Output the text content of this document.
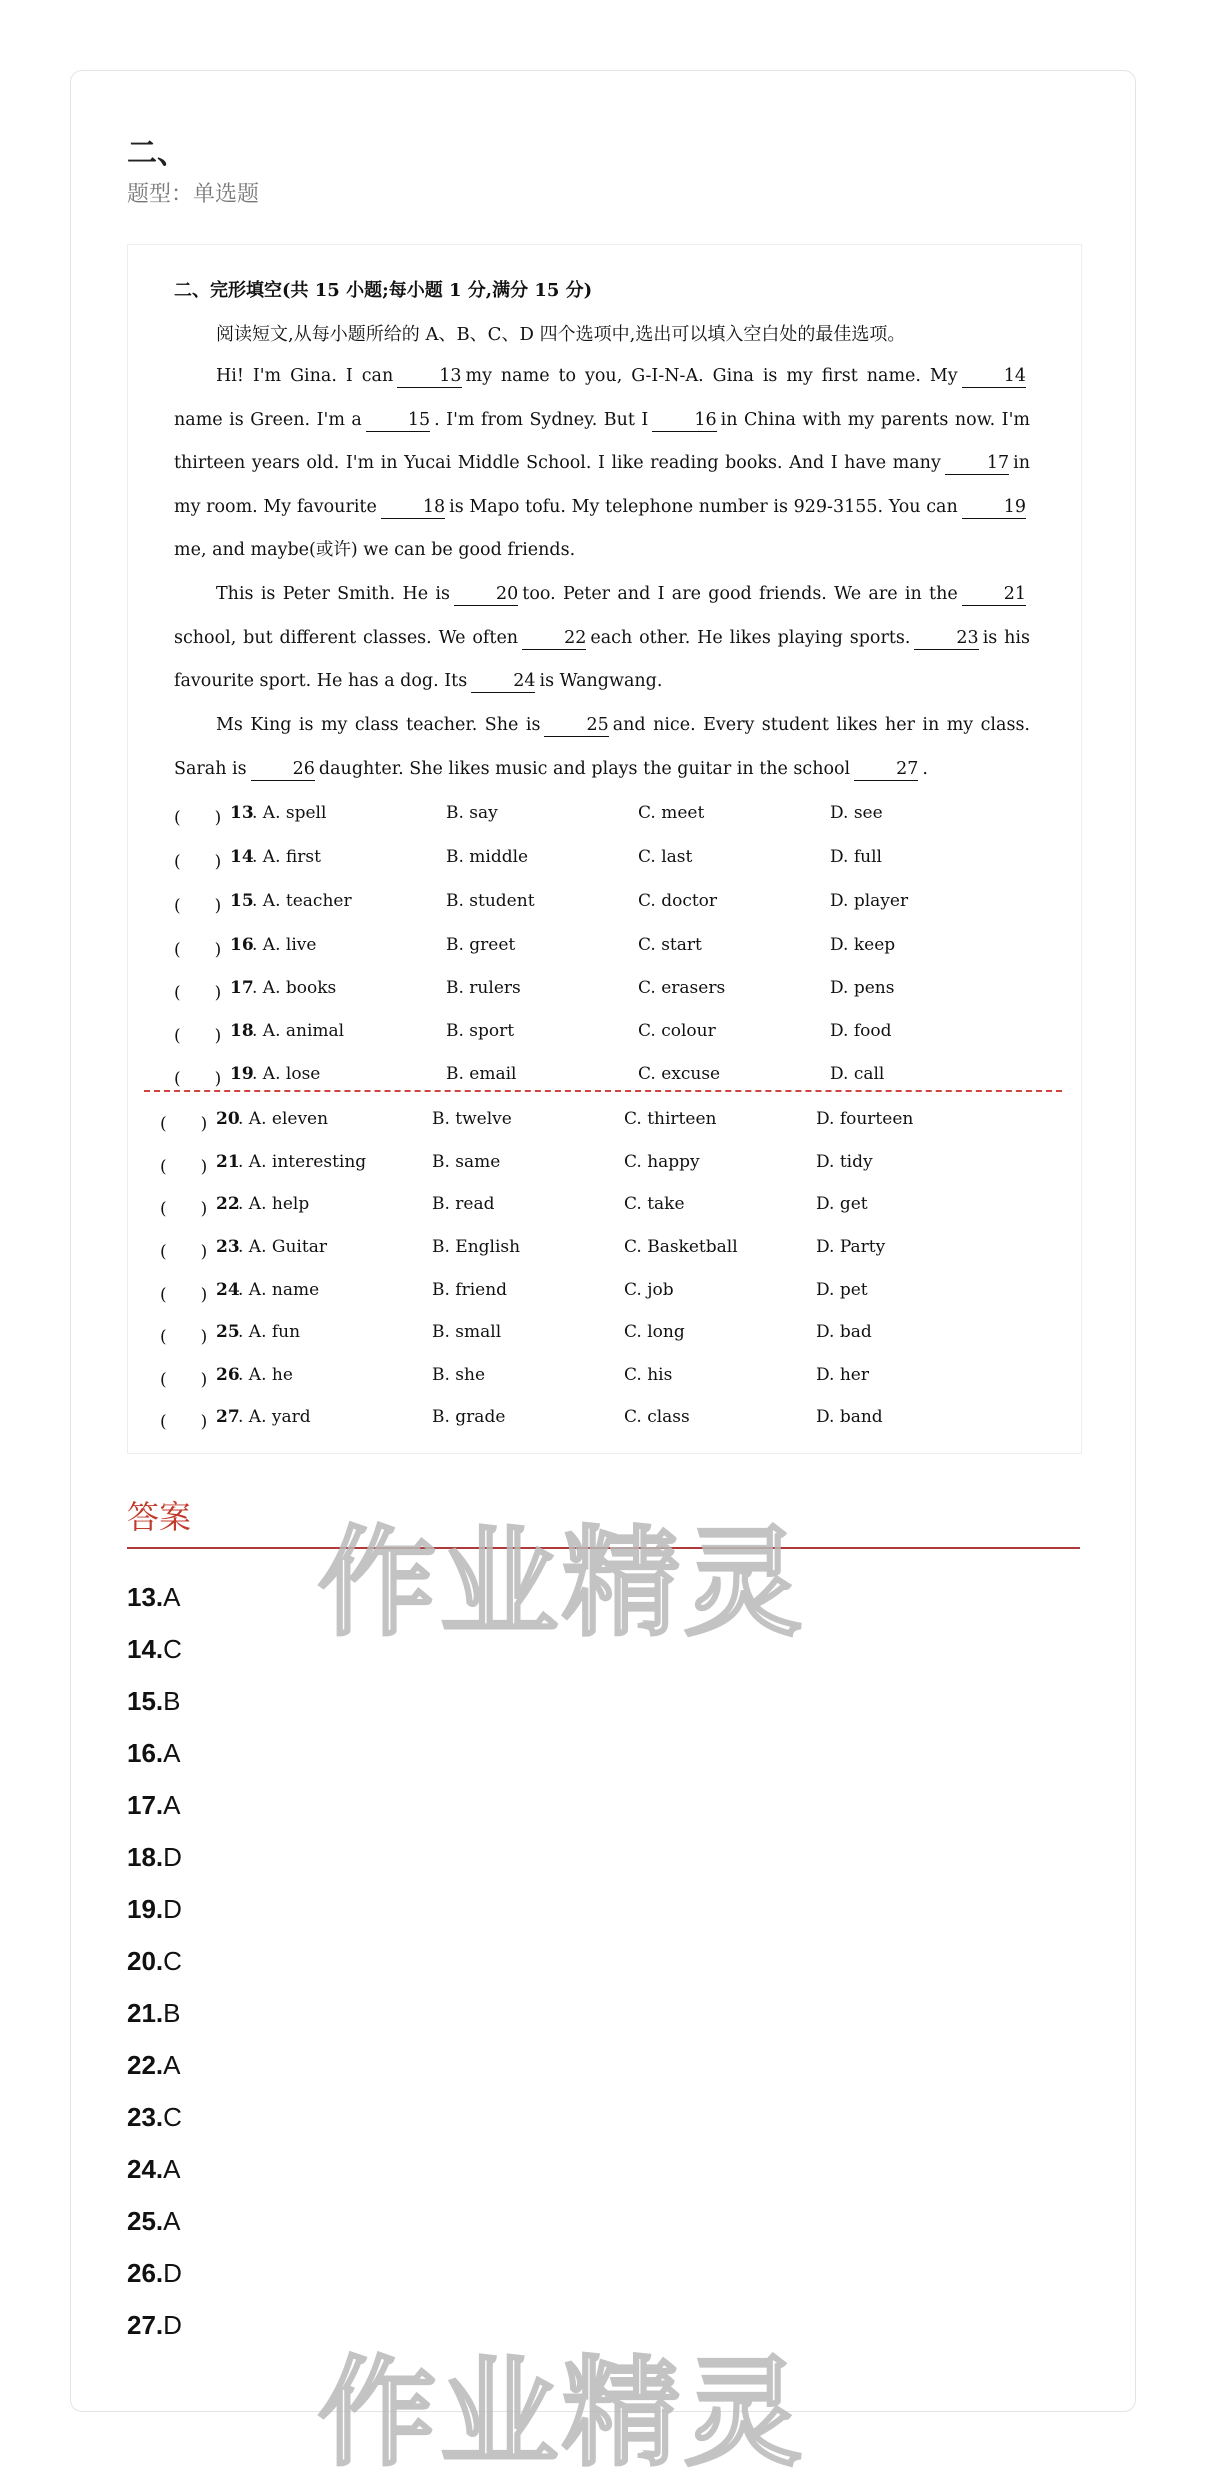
二、
题型：单选题
二、完形填空(共 15 小题;每小题 1 分,满分 15 分)
阅读短文,从每小题所给的 A、B、C、D 四个选项中,选出可以填入空白处的最佳选项。

Hi! I'm Gina. I can	13 my name to you, G-I-N-A. Gina is my first name. My	14name is Green. I'm a	15 . I'm from Sydney. But I	16 in China with my parents now. I'm thirteen years old. I'm in Yucai Middle School. I like reading books. And I have many	17 in my room. My favourite	18 is Mapo tofu. My telephone number is 929-3155. You can	19me, and maybe(或许) we can be good friends.

This is Peter Smith. He is	20 too. Peter and I are good friends. We are in the	21school, but different classes. We often	22 each other. He likes playing sports.	23 is his favourite sport. He has a dog. Its	24 is Wangwang.

Ms King is my class teacher. She is	25 and nice. Every student likes her in my class. Sarah is	26 daughter. She likes music and plays the guitar in the school	27 .

(　　) 13
. A. spell	B. say	C. meet	D. see
(　　) 14
. A. first	B. middle	C. last	D. full
(　　) 15
. A. teacher	B. student	C. doctor	D. player
(　　) 16
. A. live	B. greet	C. start	D. keep
(　　) 17
. A. books	B. rulers	C. erasers	D. pens
(　　) 18
. A. animal	B. sport	C. colour	D. food
(　　) 19
. A. lose	B. email	C. excuse	D. call
(　　) 20
. A. eleven	B. twelve	C. thirteen	D. fourteen
(　　) 21
. A. interesting	B. same	C. happy	D. tidy
(　　) 22
. A. help	B. read	C. take	D. get
(　　) 23
. A. Guitar	B. English	C. Basketball	D. Party
(　　) 24
. A. name	B. friend	C. job	D. pet
(　　) 25
. A. fun	B. small	C. long	D. bad
(　　) 26
. A. he	B. she	C. his	D. her
(　　) 27
. A. yard	B. grade	C. class	D. band
答案 作业精灵
13.A
14.C
15.B
16.A
17.A
18.D
19.D
20.C
21.B
22.A
23.C
24.A
25.A
26.D
27.D
作业精灵
